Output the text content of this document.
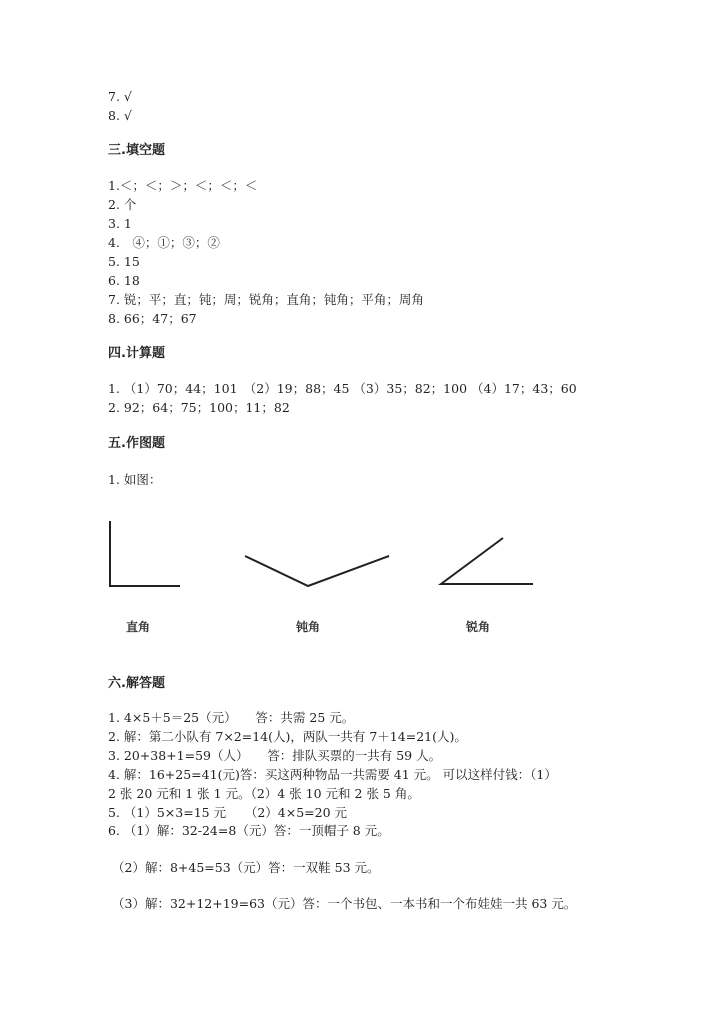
7. √
8. √
三.填空题
1.＜；＜；＞；＜；＜；＜
2. 个
3. 1
4.　④；①；③；②
5. 15
6. 18
7. 锐；平；直；钝；周；锐角；直角；钝角；平角；周角
8. 66；47；67
四.计算题
1. （1）70；44；101　（2）19；88；45 （3）35；82；100 （4）17；43；60
2. 92；64；75；100；11；82
五.作图题
1. 如图：
直角	钝角	锐角
六.解答题
1. 4×5＋5＝25（元）　　答：共需 25 元。
2. 解：第二小队有 7×2=14(人)，两队一共有 7＋14=21(人)。
3. 20+38+1=59（人）　　答：排队买票的一共有 59 人。
4. 解：16+25=41(元)答：买这两种物品一共需要 41 元。 可以这样付钱：（1）
2 张 20 元和 1 张 1 元。（2）4 张 10 元和 2 张 5 角。
5. （1）5×3=15 元　　（2）4×5=20 元
6. （1）解：32-24=8（元）答：一顶帽子 8 元。
（2）解：8+45=53（元）答：一双鞋 53 元。
（3）解：32+12+19=63（元）答：一个书包、一本书和一个布娃娃一共 63 元。
